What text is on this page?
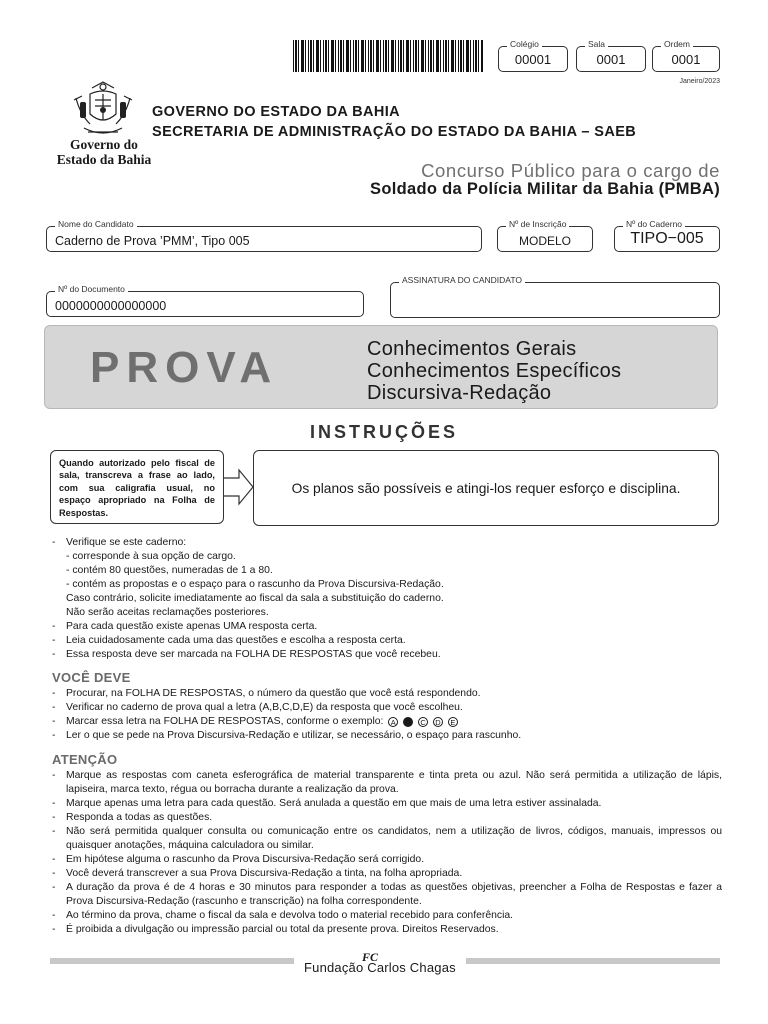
Colégio
00001
Sala
0001
Ordem
0001
Janeiro/2023
Governo do
Estado da Bahia
GOVERNO DO ESTADO DA BAHIA
SECRETARIA DE ADMINISTRAÇÃO DO ESTADO DA BAHIA – SAEB
Concurso Público para o cargo de
Soldado da Polícia Militar da Bahia (PMBA)
Nome do Candidato
Caderno de Prova ’PMM’, Tipo 005
Nº de Inscrição
MODELO
Nº do Caderno
TIPO−005
Nº do Documento
0000000000000000
ASSINATURA DO CANDIDATO
PROVA	Conhecimentos Gerais
Conhecimentos Específicos
Discursiva-Redação
INSTRUÇÕES
Quando autorizado pelo fiscal de sala, transcreva a frase ao lado, com sua caligrafia usual, no espaço apropriado na Folha de Respostas.
Os planos são possíveis e atingi-los requer esforço e disciplina.
- Verifique se este caderno:
- corresponde à sua opção de cargo.
- contém 80 questões, numeradas de 1 a 80.
- contém as propostas e o espaço para o rascunho da Prova Discursiva-Redação.
Caso contrário, solicite imediatamente ao fiscal da sala a substituição do caderno.
Não serão aceitas reclamações posteriores.
- Para cada questão existe apenas UMA resposta certa.
- Leia cuidadosamente cada uma das questões e escolha a resposta certa.
- Essa resposta deve ser marcada na FOLHA DE RESPOSTAS que você recebeu.
VOCÊ DEVE
- Procurar, na FOLHA DE RESPOSTAS, o número da questão que você está respondendo.
- Verificar no caderno de prova qual a letra (A,B,C,D,E) da resposta que você escolheu.
- Marcar essa letra na FOLHA DE RESPOSTAS, conforme o exemplo: A B C D E
- Ler o que se pede na Prova Discursiva-Redação e utilizar, se necessário, o espaço para rascunho.
ATENÇÃO
- Marque as respostas com caneta esferográfica de material transparente e tinta preta ou azul. Não será permitida a utilização de lápis, lapiseira, marca texto, régua ou borracha durante a realização da prova.
- Marque apenas uma letra para cada questão. Será anulada a questão em que mais de uma letra estiver assinalada.
- Responda a todas as questões.
- Não será permitida qualquer consulta ou comunicação entre os candidatos, nem a utilização de livros, códigos, manuais, impressos ou quaisquer anotações, máquina calculadora ou similar.
- Em hipótese alguma o rascunho da Prova Discursiva-Redação será corrigido.
- Você deverá transcrever a sua Prova Discursiva-Redação a tinta, na folha apropriada.
- A duração da prova é de 4 horas e 30 minutos para responder a todas as questões objetivas, preencher a Folha de Respostas e fazer a Prova Discursiva-Redação (rascunho e transcrição) na folha correspondente.
- Ao término da prova, chame o fiscal da sala e devolva todo o material recebido para conferência.
- É proibida a divulgação ou impressão parcial ou total da presente prova. Direitos Reservados.
FC
Fundação Carlos Chagas
